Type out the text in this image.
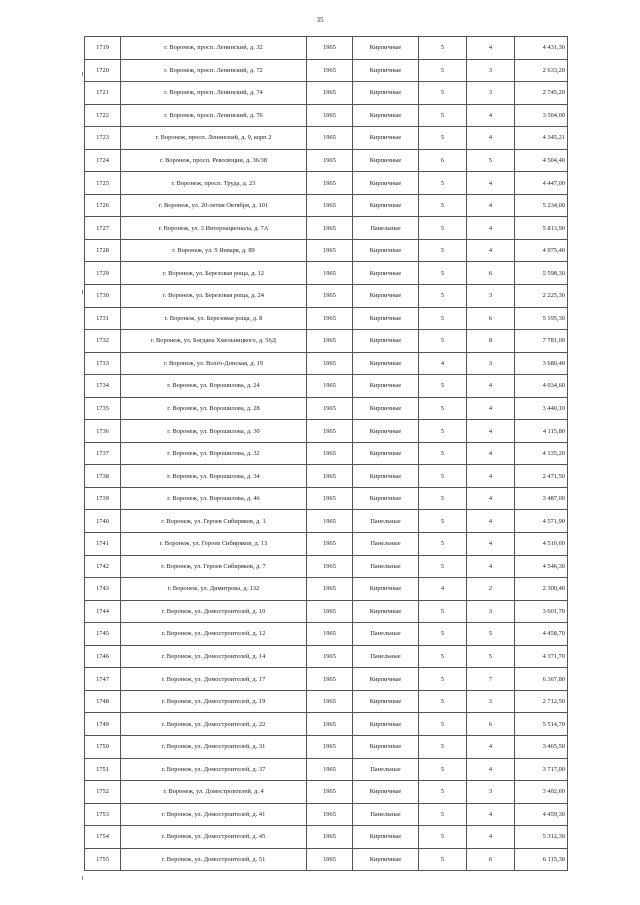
35
1719	г. Воронеж, просп. Ленинский, д. 32	1965	Кирпичные	5	4	4 431,30
1720	г. Воронеж, просп. Ленинский, д. 72	1965	Кирпичные	5	3	2 633,20
1721	г. Воронеж, просп. Ленинский, д. 74	1965	Кирпичные	5	3	2 745,20
1722	г. Воронеж, просп. Ленинский, д. 76	1965	Кирпичные	5	4	3 504,00
1723	г. Воронеж, просп. Ленинский, д. 9, корп 2	1965	Кирпичные	5	4	4 345,21
1724	г. Воронеж, просп. Революции, д. 36/38	1965	Кирпичные	6	5	4 504,40
1725	г. Воронеж, просп. Труда, д. 23	1965	Кирпичные	5	4	4 447,00
1726	г. Воронеж, ул. 20-летия Октября, д. 101	1965	Кирпичные	5	4	5 234,00
1727	г. Воронеж, ул. 3 Интернационала, д. 7А	1965	Панельные	5	4	5 813,90
1728	г. Воронеж, ул. 9 Января, д. 89	1965	Кирпичные	5	4	4 975,40
1729	г. Воронеж, ул. Березовая роща, д. 12	1965	Кирпичные	5	6	5 598,30
1730	г. Воронеж, ул. Березовая роща, д. 24	1965	Кирпичные	5	3	2 225,30
1731	г. Воронеж, ул. Березовая роща, д. 8	1965	Кирпичные	5	6	5 195,30
1732	г. Воронеж, ул. Богдана Хмельницкого, д. 56Д	1965	Кирпичные	5	8	7 781,00
1733	г. Воронеж, ул. Волго-Донская, д. 19	1965	Кирпичные	4	3	3 680,40
1734	г. Воронеж, ул. Ворошилова, д. 24	1965	Кирпичные	5	4	4 034,60
1735	г. Воронеж, ул. Ворошилова, д. 28	1965	Кирпичные	5	4	3 440,10
1736	г. Воронеж, ул. Ворошилова, д. 30	1965	Кирпичные	5	4	4 115,80
1737	г. Воронеж, ул. Ворошилова, д. 32	1965	Кирпичные	5	4	4 135,20
1738	г. Воронеж, ул. Ворошилова, д. 34	1965	Кирпичные	5	4	2 471,50
1739	г. Воронеж, ул. Ворошилова, д. 46	1965	Кирпичные	5	4	3 487,00
1740	г. Воронеж, ул. Героев Сибиряков, д. 1	1965	Панельные	5	4	4 571,90
1741	г. Воронеж, ул. Героев Сибиряков, д. 13	1965	Панельные	5	4	4 510,60
1742	г. Воронеж, ул. Героев Сибиряков, д. 7	1965	Панельные	5	4	4 546,30
1743	г. Воронеж, ул. Димитрова, д. 132	1965	Кирпичные	4	2	2 300,40
1744	г. Воронеж, ул. Домостроителей, д. 10	1965	Кирпичные	5	3	3 601,70
1745	г. Воронеж, ул. Домостроителей, д. 12	1965	Панельные	5	5	4 458,70
1746	г. Воронеж, ул. Домостроителей, д. 14	1965	Панельные	5	5	4 371,70
1747	г. Воронеж, ул. Домостроителей, д. 17	1965	Кирпичные	5	7	6 367,80
1748	г. Воронеж, ул. Домостроителей, д. 19	1965	Кирпичные	5	3	2 712,50
1749	г. Воронеж, ул. Домостроителей, д. 22	1965	Кирпичные	5	6	5 514,70
1750	г. Воронеж, ул. Домостроителей, д. 31	1965	Кирпичные	5	4	3 465,50
1751	г. Воронеж, ул. Домостроителей, д. 37	1965	Панельные	5	4	3 717,00
1752	г. Воронеж, ул. Домостроителей, д. 4	1965	Кирпичные	5	3	3 402,60
1753	г. Воронеж, ул. Домостроителей, д. 41	1965	Панельные	5	4	4 459,30
1754	г. Воронеж, ул. Домостроителей, д. 45	1965	Кирпичные	5	4	5 312,30
1755	г. Воронеж, ул. Домостроителей, д. 51	1965	Кирпичные	5	6	6 115,30
